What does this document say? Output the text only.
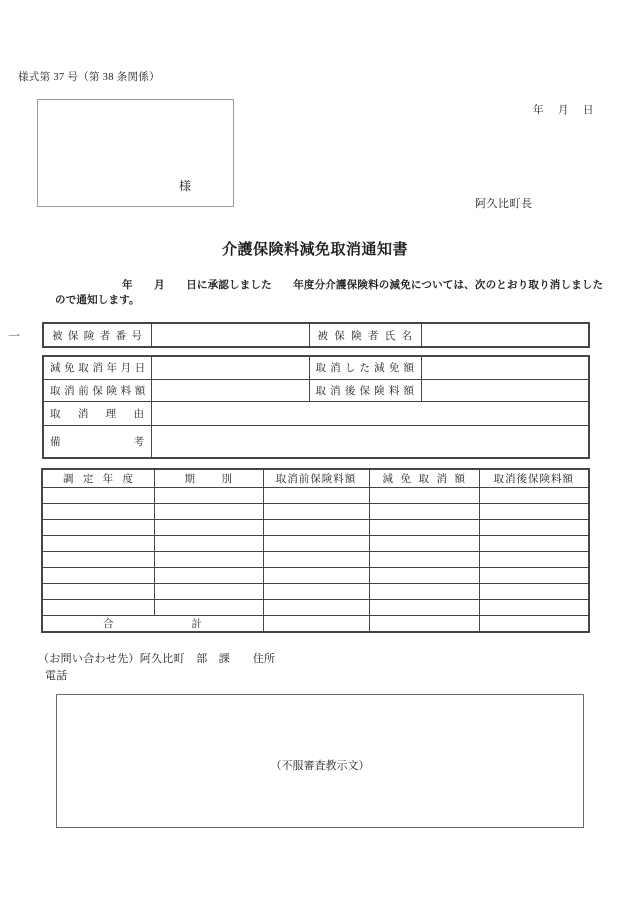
様式第 37 号（第 38 条関係）
様
年　月　日
阿久比町長
介護保険料減免取消通知書
年　　月　　日に承認しました　　年度分介護保険料の減免については、次のとおり取り消しました
ので通知します。
一	被 保 険 者 番 号		被 保 険 者 氏 名	
減 免 取 消 年 月 日		取 消 し た 減 免 額	
取 消 前 保 険 料 額		取 消 後 保 険 料 額	
取 消 理 由			
備 考			
調 定 年 度	期 別	取消前保険料額	減 免 取 消 額	取消後保険料額

合 計				
（お問い合わせ先）阿久比町　部　課　　住所
電話
（不服審査教示文）
